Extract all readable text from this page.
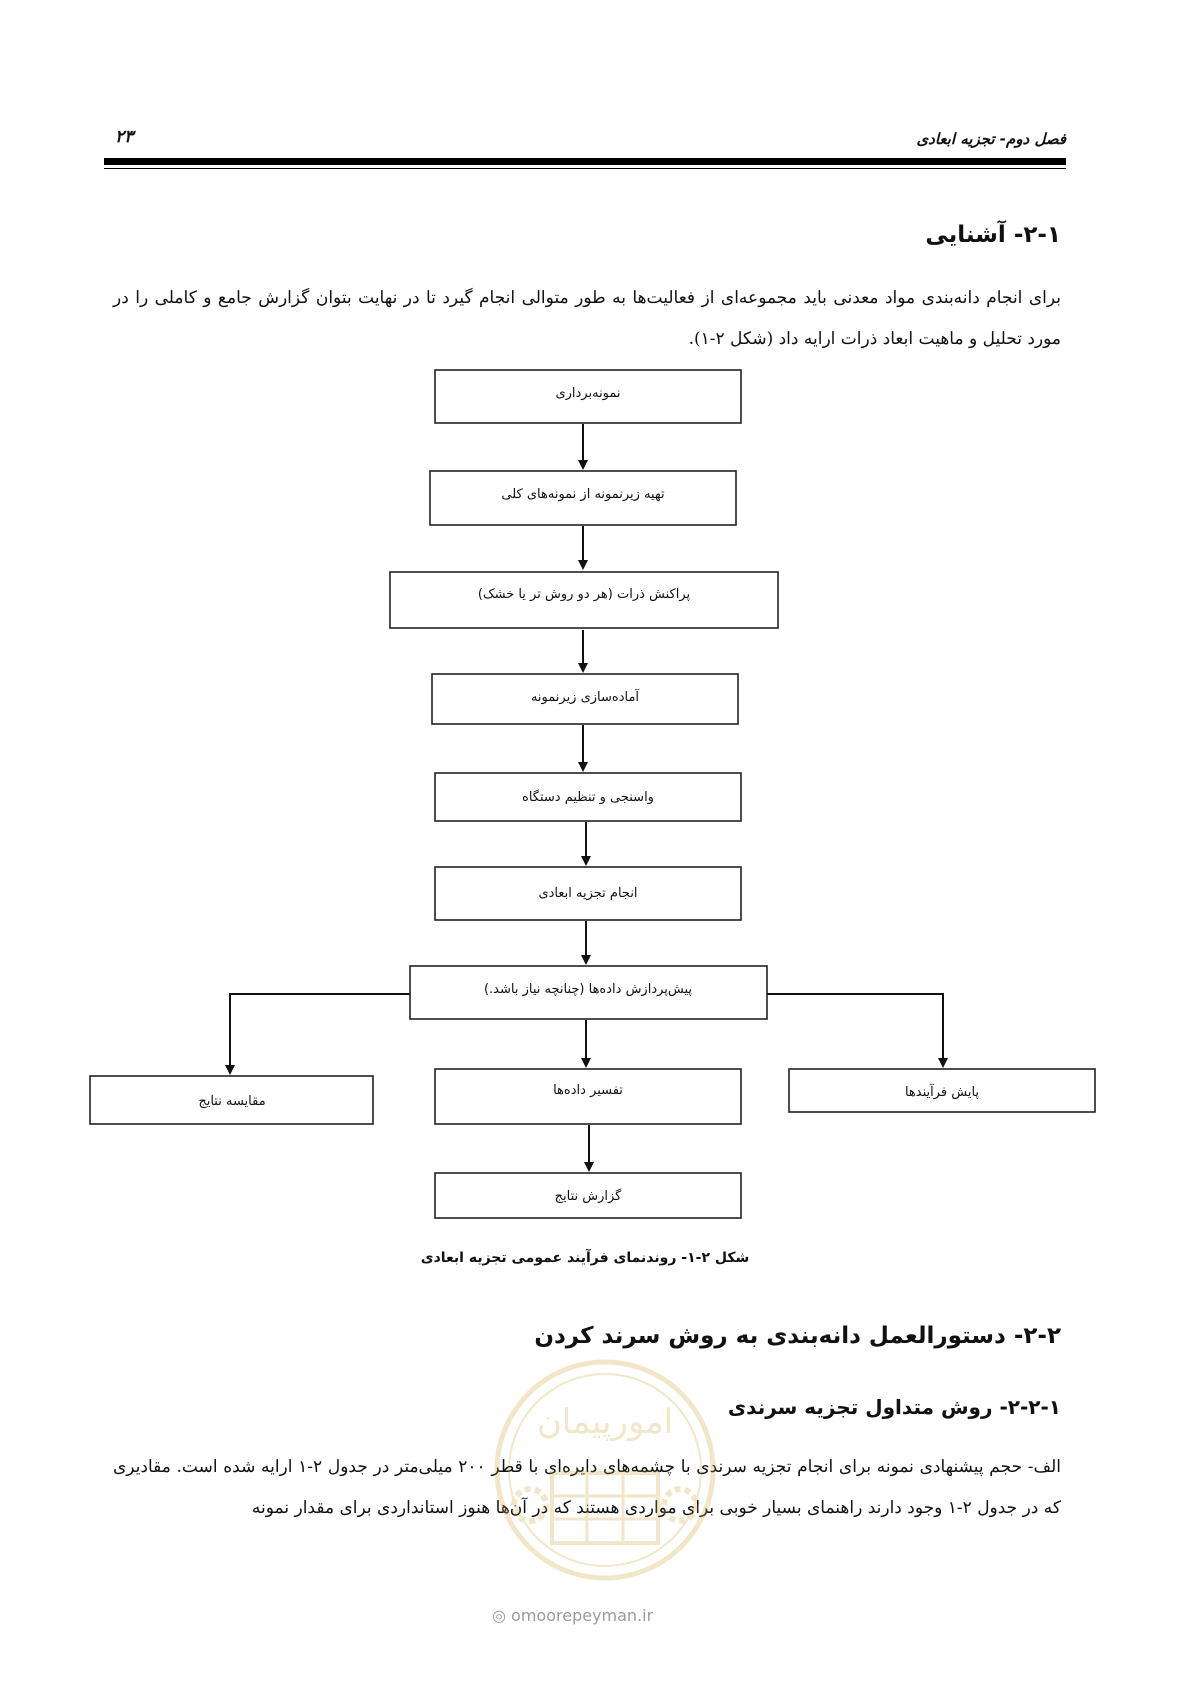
فصل دوم- تجزیه ابعادی
۲۳
۲-۱- آشنایی
برای انجام دانه‌بندی مواد معدنی باید مجموعه‌ای از فعالیت‌ها به طور متوالی انجام گیرد تا در نهایت بتوان گزارش جامع و کاملی را در مورد تحلیل و ماهیت ابعاد ذرات ارایه داد (شکل ۲-۱).
نمونه‌برداری
تهیه زیرنمونه از نمونه‌های کلی
پراکنش ذرات (هر دو روش تر یا خشک)
آماده‌سازی زیرنمونه
واسنجی و تنظیم دستگاه
انجام تجزیه ابعادی
پیش‌پردازش داده‌ها (چنانچه نیاز باشد.)
مقایسه نتایج
تفسیر داده‌ها	پایش فرآیندها
گزارش نتایج
شکل ۲-۱- روندنمای فرآیند عمومی تجزیه ابعادی
۲-۲- دستورالعمل دانه‌بندی به روش سرند کردن
۲-۲-۱- روش متداول تجزیه سرندی
الف- حجم پیشنهادی نمونه برای انجام تجزیه سرندی با چشمه‌های دایره‌ای با قطر ۲۰۰ میلی‌متر در جدول ۲-۱ ارایه شده است. مقادیری که در جدول ۲-۱ وجود دارند راهنمای بسیار خوبی برای مواردی هستند که در آن‌ها هنوز استانداردی برای مقدار نمونه
امورپیمان
◎ omoorepeyman.ir
